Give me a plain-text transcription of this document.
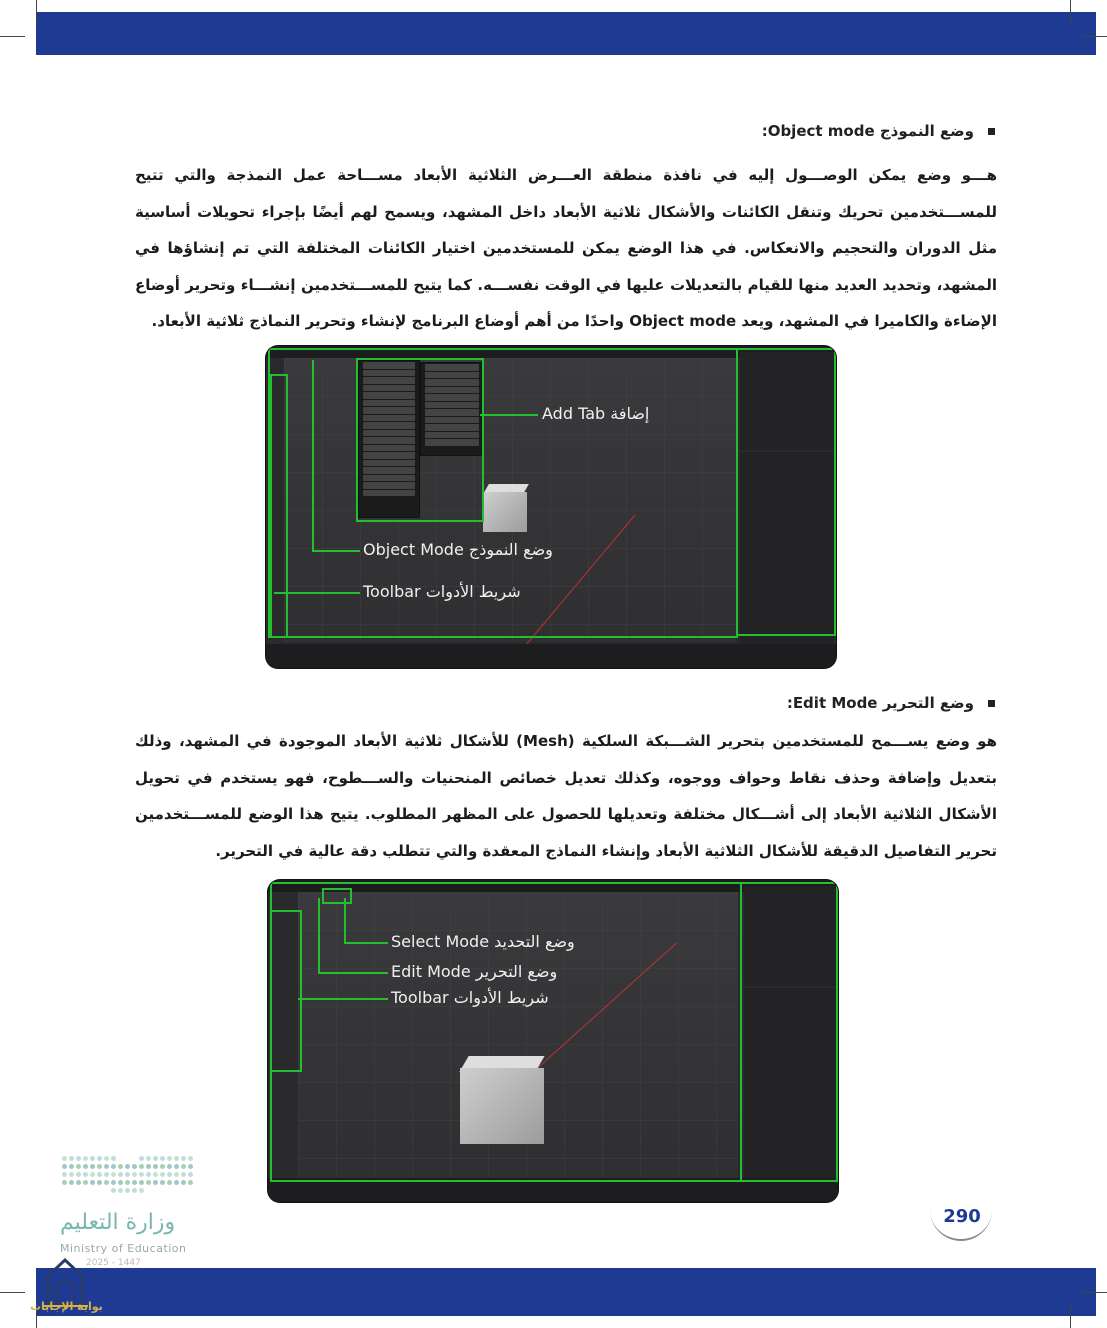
وضع النموذج Object mode:
هـــو وضع يمكن الوصـــول إليه في نافذة منطقة العـــرض الثلاثية الأبعاد مســـاحة عمل النمذجة والتي تتيح للمســـتخدمين تحريك وتنقل الكائنات والأشكال ثلاثية الأبعاد داخل المشهد، ويسمح لهم أيضًا بإجراء تحويلات أساسية مثل الدوران والتحجيم والانعكاس. في هذا الوضع يمكن للمستخدمين اختيار الكائنات المختلفة التي تم إنشاؤها في المشهد، وتحديد العديد منها للقيام بالتعديلات عليها في الوقت نفســـه. كما يتيح للمســـتخدمين إنشـــاء وتحرير أوضاع الإضاءة والكاميرا في المشهد، ويعد Object mode واحدًا من أهم أوضاع البرنامج لإنشاء وتحرير النماذج ثلاثية الأبعاد.
Add Tab إضافة
Object Mode وضع النموذج
Toolbar شريط الأدوات
وضع التحرير Edit Mode:
هو وضع يســـمح للمستخدمين بتحرير الشـــبكة السلكية (Mesh) للأشكال ثلاثية الأبعاد الموجودة في المشهد، وذلك بتعديل وإضافة وحذف نقاط وحواف ووجوه، وكذلك تعديل خصائص المنحنيات والســـطوح، فهو يستخدم في تحويل الأشكال الثلاثية الأبعاد إلى أشـــكال مختلفة وتعديلها للحصول على المظهر المطلوب. يتيح هذا الوضع للمســـتخدمين تحرير التفاصيل الدقيقة للأشكال الثلاثية الأبعاد وإنشاء النماذج المعقدة والتي تتطلب دقة عالية في التحرير.
Select Mode وضع التحديد
Edit Mode وضع التحرير
Toolbar شريط الأدوات
وزارة التعليم
Ministry of Education
2025 - 1447
290
بوابة الإجابات
